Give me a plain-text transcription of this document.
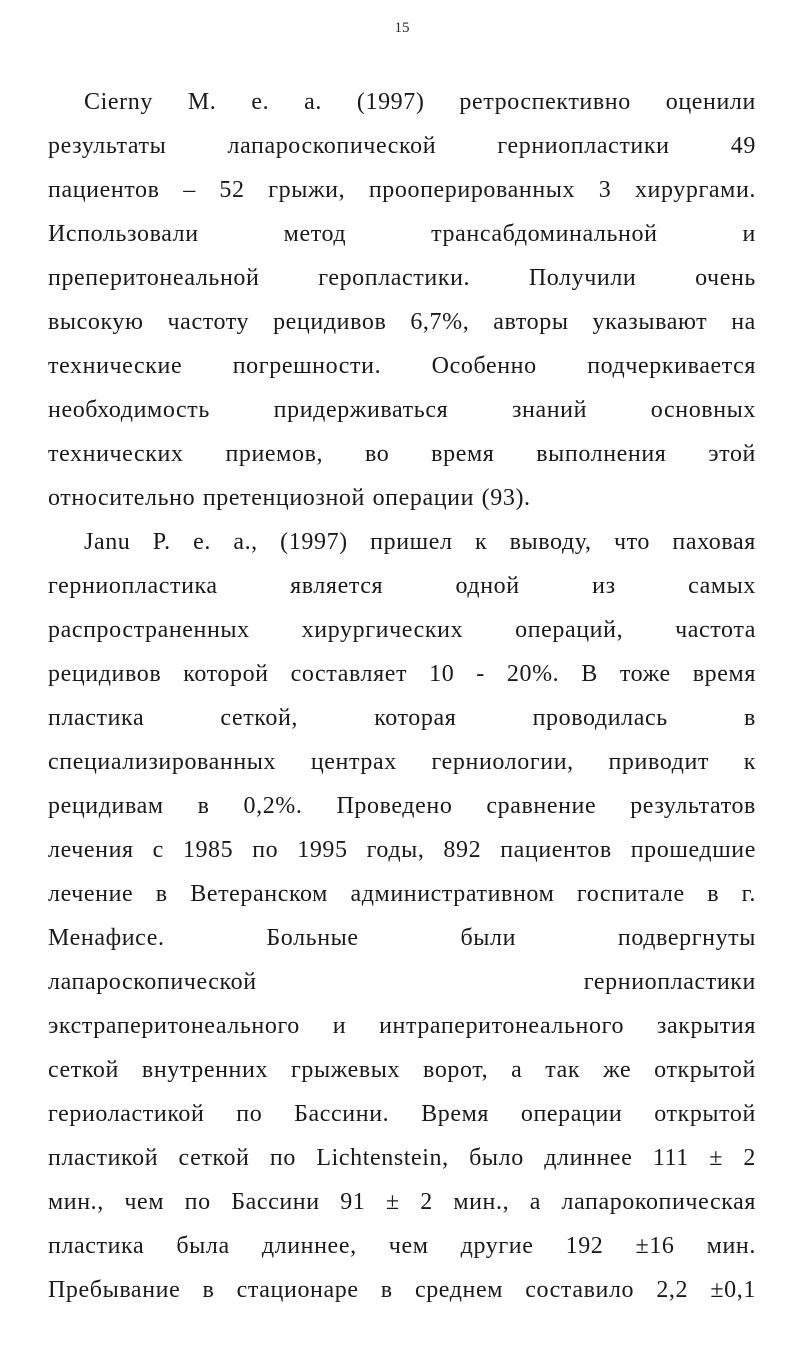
15
Cierny M. e. a. (1997) ретроспективно оценили
результаты	лапароскопической	герниопластики	49
пациентов – 52 грыжи, прооперированных 3 хирургами.
Использовали	метод	трансабдоминальной	и
преперитонеальной геропластики. Получили очень
высокую частоту рецидивов 6,7%, авторы указывают на
технические погрешности. Особенно подчеркивается
необходимость	придерживаться	знаний	основных
технических приемов, во время выполнения этой
относительно претенциозной операции (93).
Janu P. e. a., (1997) пришел к выводу, что паховая
герниопластика	является	одной	из	самых
распространенных хирургических операций, частота
рецидивов которой составляет 10 - 20%. В тоже время
пластика	сеткой,	которая	проводилась	в
специализированных центрах герниологии, приводит к
рецидивам в 0,2%. Проведено сравнение результатов
лечения с 1985 по 1995 годы, 892 пациентов прошедшие
лечение в Ветеранском административном госпитале в г.
Менафисе.	Больные	были	подвергнуты
лапароскопической	герниопластики
экстраперитонеального и интраперитонеального закрытия
сеткой внутренних грыжевых ворот, а так же открытой
гериоластикой по Бассини. Время операции открытой
пластикой сеткой по Lichtenstein, было длиннее 111 ± 2
мин., чем по Бассини 91 ± 2 мин., а лапарокопическая
пластика была длиннее, чем другие 192 ±16 мин.
Пребывание в стационаре в среднем составило 2,2 ±0,1
